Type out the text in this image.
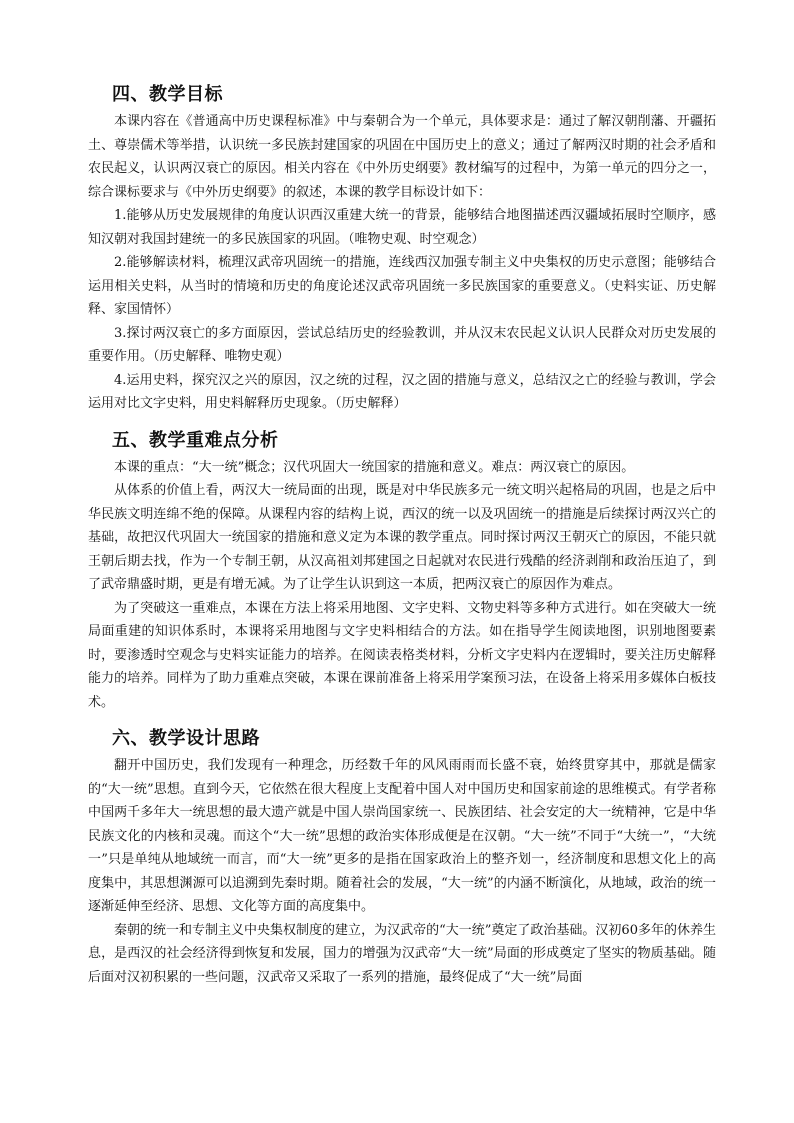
四、教学目标

本课内容在《普通高中历史课程标准》中与秦朝合为一个单元，具体要求是：通过了解汉朝削藩、开疆拓土、尊崇儒术等举措，认识统一多民族封建国家的巩固在中国历史上的意义；通过了解两汉时期的社会矛盾和农民起义，认识两汉衰亡的原因。相关内容在《中外历史纲要》教材编写的过程中，为第一单元的四分之一，综合课标要求与《中外历史纲要》的叙述，本课的教学目标设计如下：

1.能够从历史发展规律的角度认识西汉重建大统一的背景，能够结合地图描述西汉疆域拓展时空顺序，感知汉朝对我国封建统一的多民族国家的巩固。（唯物史观、时空观念）

2.能够解读材料，梳理汉武帝巩固统一的措施，连线西汉加强专制主义中央集权的历史示意图；能够结合运用相关史料，从当时的情境和历史的角度论述汉武帝巩固统一多民族国家的重要意义。（史料实证、历史解释、家国情怀）

3.探讨两汉衰亡的多方面原因，尝试总结历史的经验教训，并从汉末农民起义认识人民群众对历史发展的重要作用。（历史解释、唯物史观）

4.运用史料，探究汉之兴的原因，汉之统的过程，汉之固的措施与意义，总结汉之亡的经验与教训，学会运用对比文字史料，用史料解释历史现象。（历史解释）

五、教学重难点分析

本课的重点：“大一统”概念；汉代巩固大一统国家的措施和意义。难点：两汉衰亡的原因。

从体系的价值上看，两汉大一统局面的出现，既是对中华民族多元一统文明兴起格局的巩固，也是之后中华民族文明连绵不绝的保障。从课程内容的结构上说，西汉的统一以及巩固统一的措施是后续探讨两汉兴亡的基础，故把汉代巩固大一统国家的措施和意义定为本课的教学重点。同时探讨两汉王朝灭亡的原因，不能只就王朝后期去找，作为一个专制王朝，从汉高祖刘邦建国之日起就对农民进行残酷的经济剥削和政治压迫了，到了武帝鼎盛时期，更是有增无减。为了让学生认识到这一本质，把两汉衰亡的原因作为难点。

为了突破这一重难点，本课在方法上将采用地图、文字史料、文物史料等多种方式进行。如在突破大一统局面重建的知识体系时，本课将采用地图与文字史料相结合的方法。如在指导学生阅读地图，识别地图要素时，要渗透时空观念与史料实证能力的培养。在阅读表格类材料，分析文字史料内在逻辑时，要关注历史解释能力的培养。同样为了助力重难点突破，本课在课前准备上将采用学案预习法，在设备上将采用多媒体白板技术。

六、教学设计思路

翻开中国历史，我们发现有一种理念，历经数千年的风风雨雨而长盛不衰，始终贯穿其中，那就是儒家的“大一统”思想。直到今天，它依然在很大程度上支配着中国人对中国历史和国家前途的思维模式。有学者称中国两千多年大一统思想的最大遗产就是中国人崇尚国家统一、民族团结、社会安定的大一统精神，它是中华民族文化的内核和灵魂。而这个“大一统”思想的政治实体形成便是在汉朝。“大一统”不同于“大统一”，“大统一”只是单纯从地域统一而言，而“大一统”更多的是指在国家政治上的整齐划一，经济制度和思想文化上的高度集中，其思想渊源可以追溯到先秦时期。随着社会的发展，“大一统”的内涵不断演化，从地域，政治的统一逐渐延伸至经济、思想、文化等方面的高度集中。

秦朝的统一和专制主义中央集权制度的建立，为汉武帝的“大一统”奠定了政治基础。汉初60多年的休养生息，是西汉的社会经济得到恢复和发展，国力的增强为汉武帝“大一统”局面的形成奠定了坚实的物质基础。随后面对汉初积累的一些问题，汉武帝又采取了一系列的措施，最终促成了“大一统”局面
